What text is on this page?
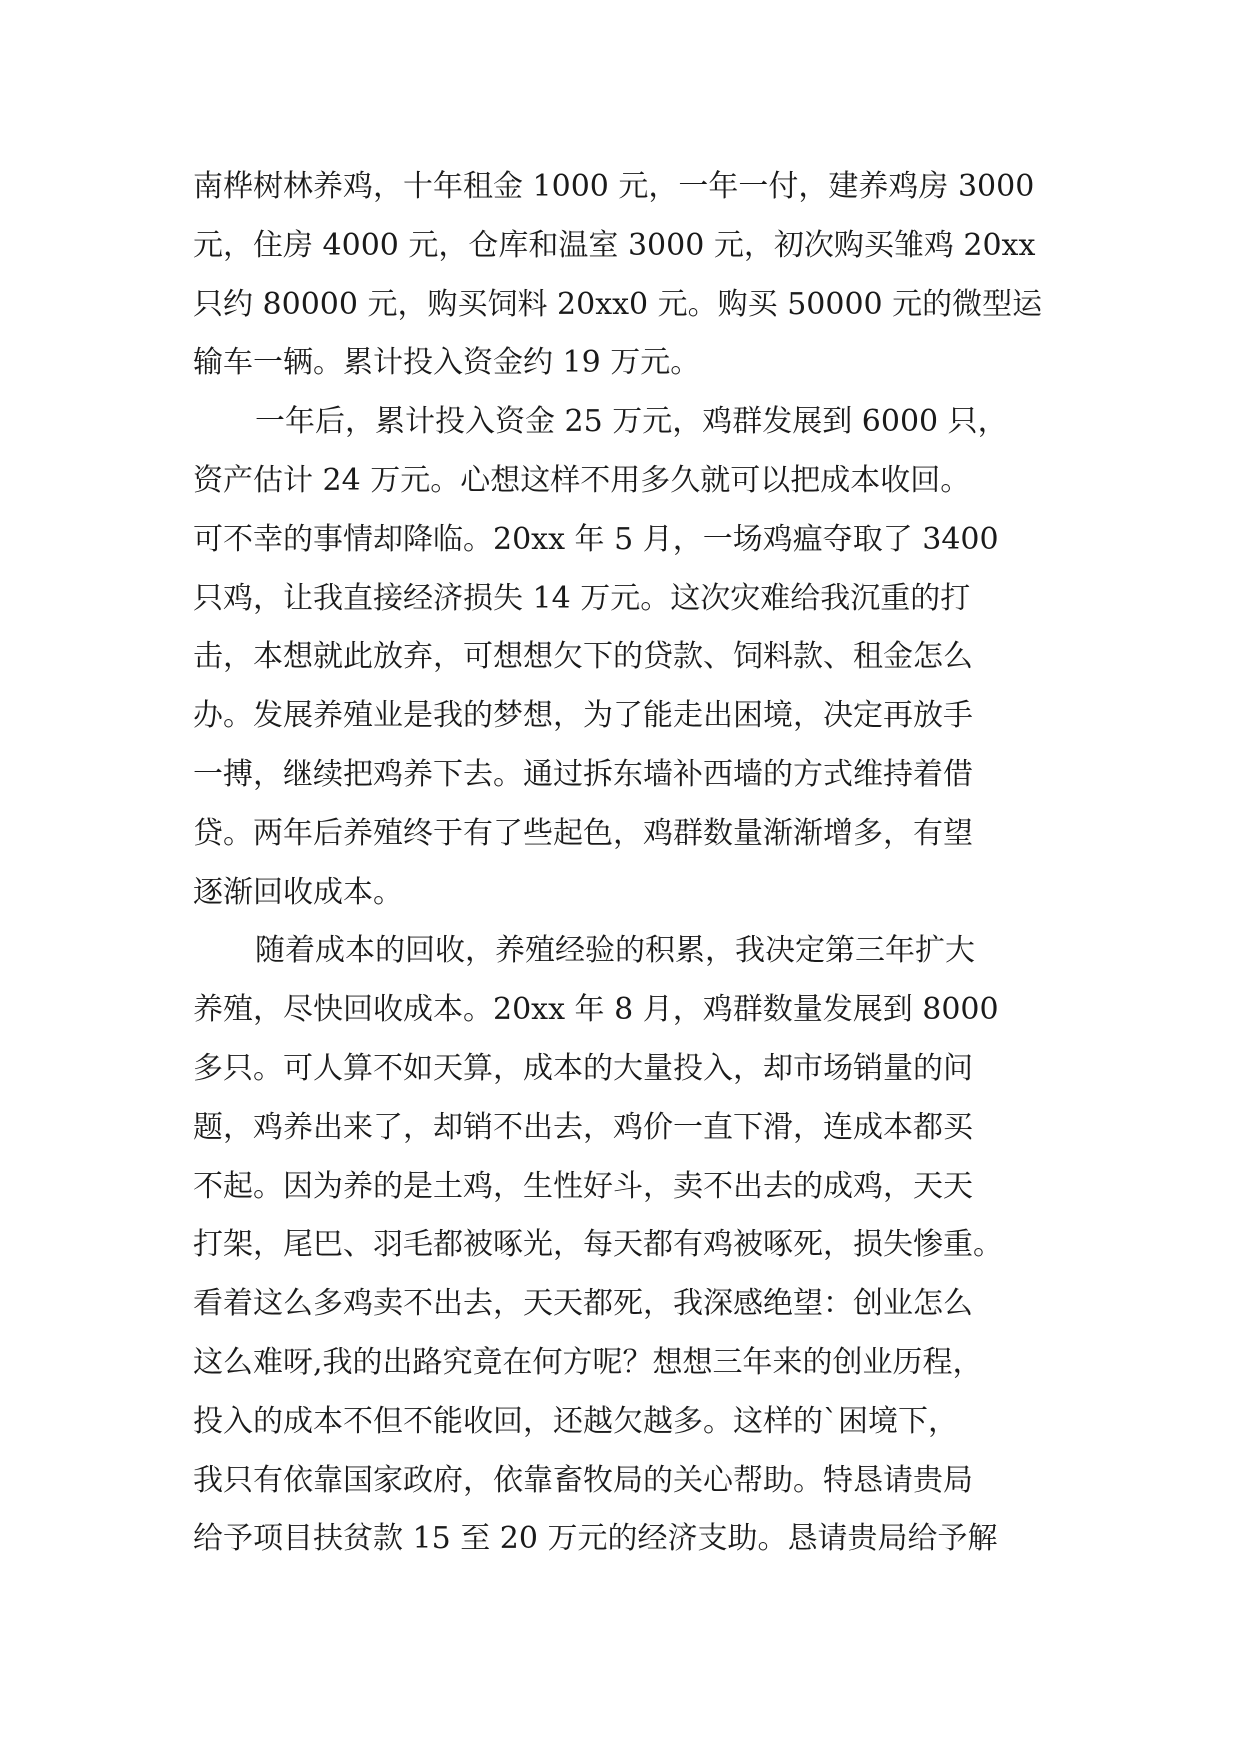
南桦树林养鸡，十年租金 1000 元，一年一付，建养鸡房 3000
元，住房 4000 元，仓库和温室 3000 元，初次购买雏鸡 20xx
只约 80000 元，购买饲料 20xx0 元。购买 50000 元的微型运
输车一辆。累计投入资金约 19 万元。
一年后，累计投入资金 25 万元，鸡群发展到 6000 只，
资产估计 24 万元。心想这样不用多久就可以把成本收回。
可不幸的事情却降临。20xx 年 5 月，一场鸡瘟夺取了 3400
只鸡，让我直接经济损失 14 万元。这次灾难给我沉重的打
击，本想就此放弃，可想想欠下的贷款、饲料款、租金怎么
办。发展养殖业是我的梦想，为了能走出困境，决定再放手
一搏，继续把鸡养下去。通过拆东墙补西墙的方式维持着借
贷。两年后养殖终于有了些起色，鸡群数量渐渐增多，有望
逐渐回收成本。
随着成本的回收，养殖经验的积累，我决定第三年扩大
养殖，尽快回收成本。20xx 年 8 月，鸡群数量发展到 8000
多只。可人算不如天算，成本的大量投入，却市场销量的问
题，鸡养出来了，却销不出去，鸡价一直下滑，连成本都买
不起。因为养的是土鸡，生性好斗，卖不出去的成鸡，天天
打架，尾巴、羽毛都被啄光，每天都有鸡被啄死，损失惨重。
看着这么多鸡卖不出去，天天都死，我深感绝望：创业怎么
这么难呀,我的出路究竟在何方呢？想想三年来的创业历程，
投入的成本不但不能收回，还越欠越多。这样的`困境下，
我只有依靠国家政府，依靠畜牧局的关心帮助。特恳请贵局
给予项目扶贫款 15 至 20 万元的经济支助。恳请贵局给予解
